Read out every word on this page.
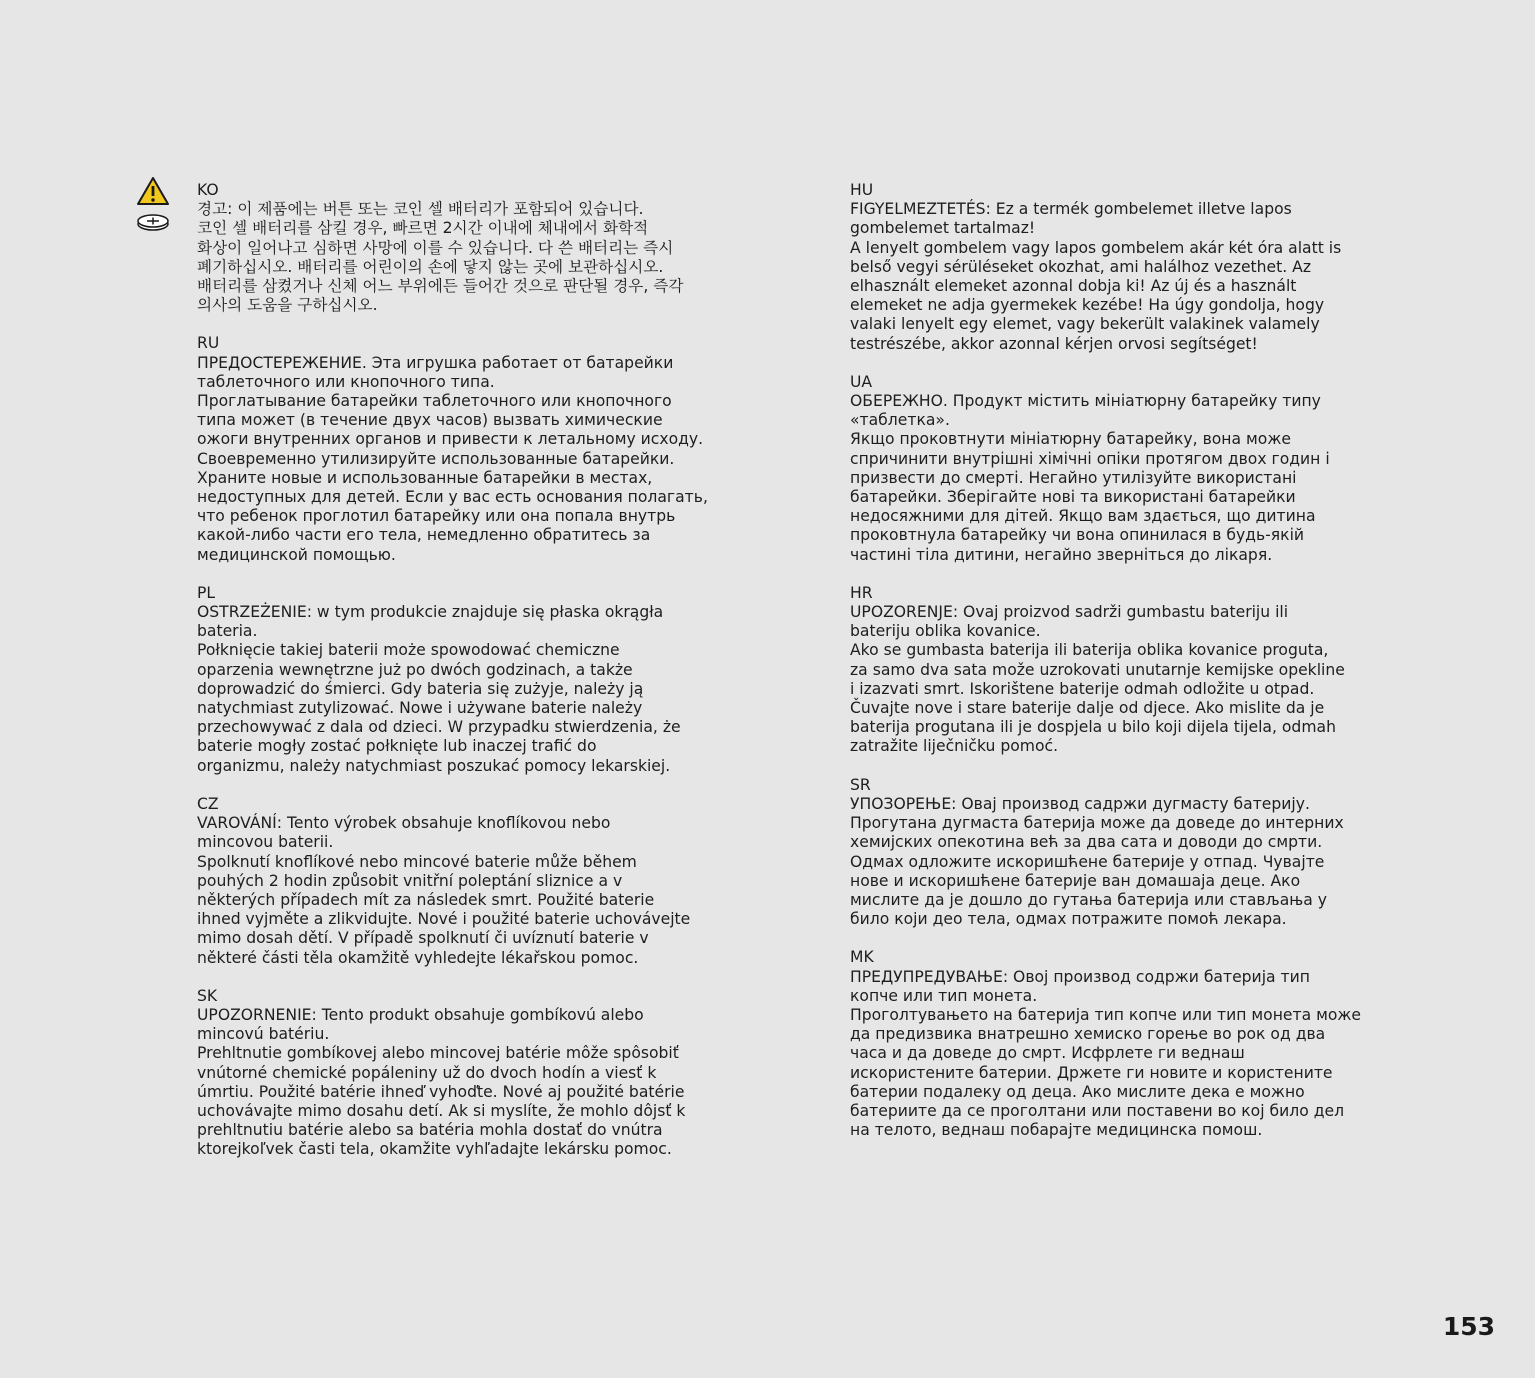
KO

경고: 이 제품에는 버튼 또는 코인 셀 배터리가 포함되어 있습니다.

코인 셀 배터리를 삼킬 경우, 빠르면 2시간 이내에 체내에서 화학적
화상이 일어나고 심하면 사망에 이를 수 있습니다. 다 쓴 배터리는 즉시
폐기하십시오. 배터리를 어린이의 손에 닿지 않는 곳에 보관하십시오.
배터리를 삼켰거나 신체 어느 부위에든 들어간 것으로 판단될 경우, 즉각
의사의 도움을 구하십시오.

RU

ПРЕДОСТЕРЕЖЕНИЕ. Эта игрушка работает от батарейки
таблеточного или кнопочного типа.

Проглатывание батарейки таблеточного или кнопочного
типа может (в течение двух часов) вызвать химические
ожоги внутренних органов и привести к летальному исходу.
Своевременно утилизируйте использованные батарейки.
Храните новые и использованные батарейки в местах,
недоступных для детей. Если у вас есть основания полагать,
что ребенок проглотил батарейку или она попала внутрь
какой-либо части его тела, немедленно обратитесь за
медицинской помощью.

PL

OSTRZEŻENIE: w tym produkcie znajduje się płaska okrągła
bateria.

Połknięcie takiej baterii może spowodować chemiczne
oparzenia wewnętrzne już po dwóch godzinach, a także
doprowadzić do śmierci. Gdy bateria się zużyje, należy ją
natychmiast zutylizować. Nowe i używane baterie należy
przechowywać z dala od dzieci. W przypadku stwierdzenia, że
baterie mogły zostać połknięte lub inaczej trafić do
organizmu, należy natychmiast poszukać pomocy lekarskiej.

CZ

VAROVÁNÍ: Tento výrobek obsahuje knoflíkovou nebo
mincovou baterii.

Spolknutí knoflíkové nebo mincové baterie může během
pouhých 2 hodin způsobit vnitřní poleptání sliznice a v
některých případech mít za následek smrt. Použité baterie
ihned vyjměte a zlikvidujte. Nové i použité baterie uchovávejte
mimo dosah dětí. V případě spolknutí či uvíznutí baterie v
některé části těla okamžitě vyhledejte lékařskou pomoc.

SK

UPOZORNENIE: Tento produkt obsahuje gombíkovú alebo
mincovú batériu.

Prehltnutie gombíkovej alebo mincovej batérie môže spôsobiť
vnútorné chemické popáleniny už do dvoch hodín a viesť k
úmrtiu. Použité batérie ihneď vyhoďte. Nové aj použité batérie
uchovávajte mimo dosahu detí. Ak si myslíte, že mohlo dôjsť k
prehltnutiu batérie alebo sa batéria mohla dostať do vnútra
ktorejkoľvek časti tela, okamžite vyhľadajte lekársku pomoc.

HU

FIGYELMEZTETÉS: Ez a termék gombelemet illetve lapos
gombelemet tartalmaz!

A lenyelt gombelem vagy lapos gombelem akár két óra alatt is
belső vegyi sérüléseket okozhat, ami halálhoz vezethet. Az
elhasznált elemeket azonnal dobja ki! Az új és a használt
elemeket ne adja gyermekek kezébe! Ha úgy gondolja, hogy
valaki lenyelt egy elemet, vagy bekerült valakinek valamely
testrészébe, akkor azonnal kérjen orvosi segítséget!

UA

ОБЕРЕЖНО. Продукт містить мініатюрну батарейку типу
«таблетка».

Якщо проковтнути мініатюрну батарейку, вона може
спричинити внутрішні хімічні опіки протягом двох годин і
призвести до смерті. Негайно утилізуйте використані
батарейки. Зберігайте нові та використані батарейки
недосяжними для дітей. Якщо вам здається, що дитина
проковтнула батарейку чи вона опинилася в будь-якій
частині тіла дитини, негайно зверніться до лікаря.

HR

UPOZORENJE: Ovaj proizvod sadrži gumbastu bateriju ili
bateriju oblika kovanice.

Ako se gumbasta baterija ili baterija oblika kovanice proguta,
za samo dva sata može uzrokovati unutarnje kemijske opekline
i izazvati smrt. Iskorištene baterije odmah odložite u otpad.
Čuvajte nove i stare baterije dalje od djece. Ako mislite da je
baterija progutana ili je dospjela u bilo koji dijela tijela, odmah
zatražite liječničku pomoć.

SR

УПОЗОРЕЊЕ: Овај производ садржи дугмасту батерију.

Прогутана дугмаста батерија може да доведе до интерних
хемијских опекотина већ за два сата и доводи до смрти.
Одмах одложите искоришћене батерије у отпад. Чувајте
нове и искоришћене батерије ван домашаја деце. Ако
мислите да је дошло до гутања батерија или стављања у
било који део тела, одмах потражите помоћ лекара.

MK

ПРЕДУПРЕДУВАЊЕ: Овој производ содржи батерија тип
копче или тип монета.

Проголтувањето на батерија тип копче или тип монета може
да предизвика внатрешно хемиско горење во рок од два
часа и да доведе до смрт. Исфрлете ги веднаш
искористените батерии. Држете ги новите и користените
батерии подалеку од деца. Ако мислите дека е можно
батериите да се проголтани или поставени во кој било дел
на телото, веднаш побарајте медицинска помош.

153
